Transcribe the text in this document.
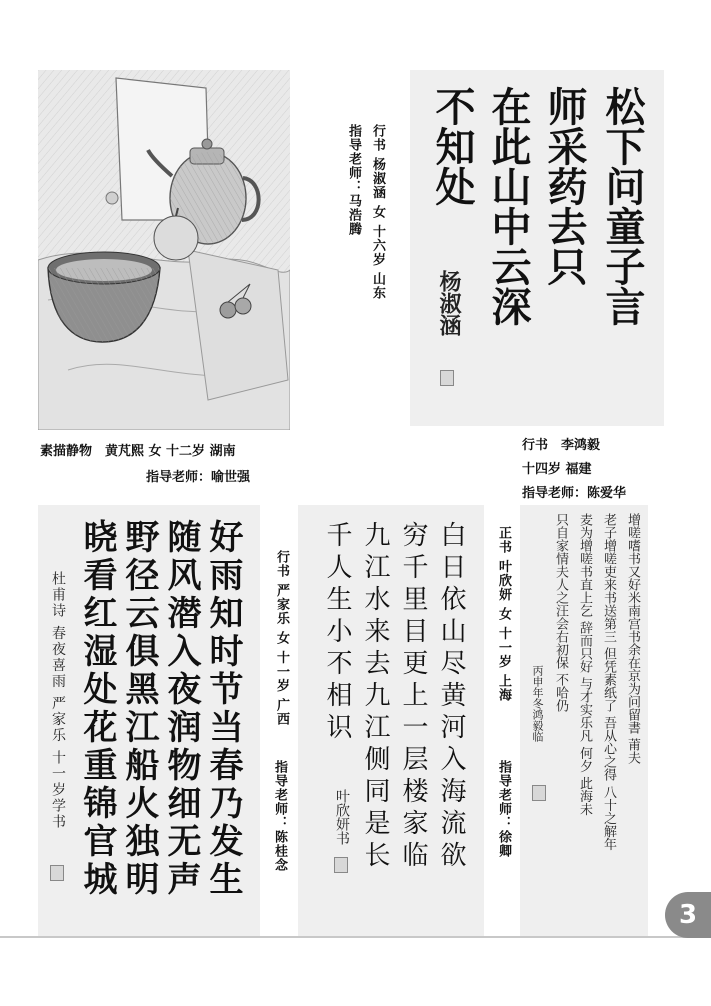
素描静物　黄芃熙 女 十二岁 湖南
指导老师：喻世强
行书 杨淑涵 女 十六岁 山东
指导老师：马浩腾	松下问童子言
师采药去只
在此山中云深
不知处
杨淑涵
行书　李鸿毅
十四岁 福建
指导老师：陈爱华
好雨知时节当春乃发生
随风潜入夜润物细无声
野径云俱黑江船火独明
晓看红湿处花重锦官城
杜甫诗 春夜喜雨 严家乐 十一岁学书	行书 严家乐 女 十一岁 广西
指导老师：陈桂念	白日依山尽黄河入海流欲
穷千里目更上一层楼家临
九江水来去九江侧同是长
千人生小不相识
叶欣妍书
正书 叶欣妍 女 十一岁 上海
指导老师：徐卿
增嗟嗜书又好米南宫书余在京为问留書 莆夫
老子增嗟吏来书送第三 但凭素纸了 吾从心之得 八十之解年
麦为增嗟书直上乞 辞而只好 与才实乐凡 何夕 此海未
只自家情夫人之汪会右初保 不哈仍
丙申年冬鸿毅临
3
